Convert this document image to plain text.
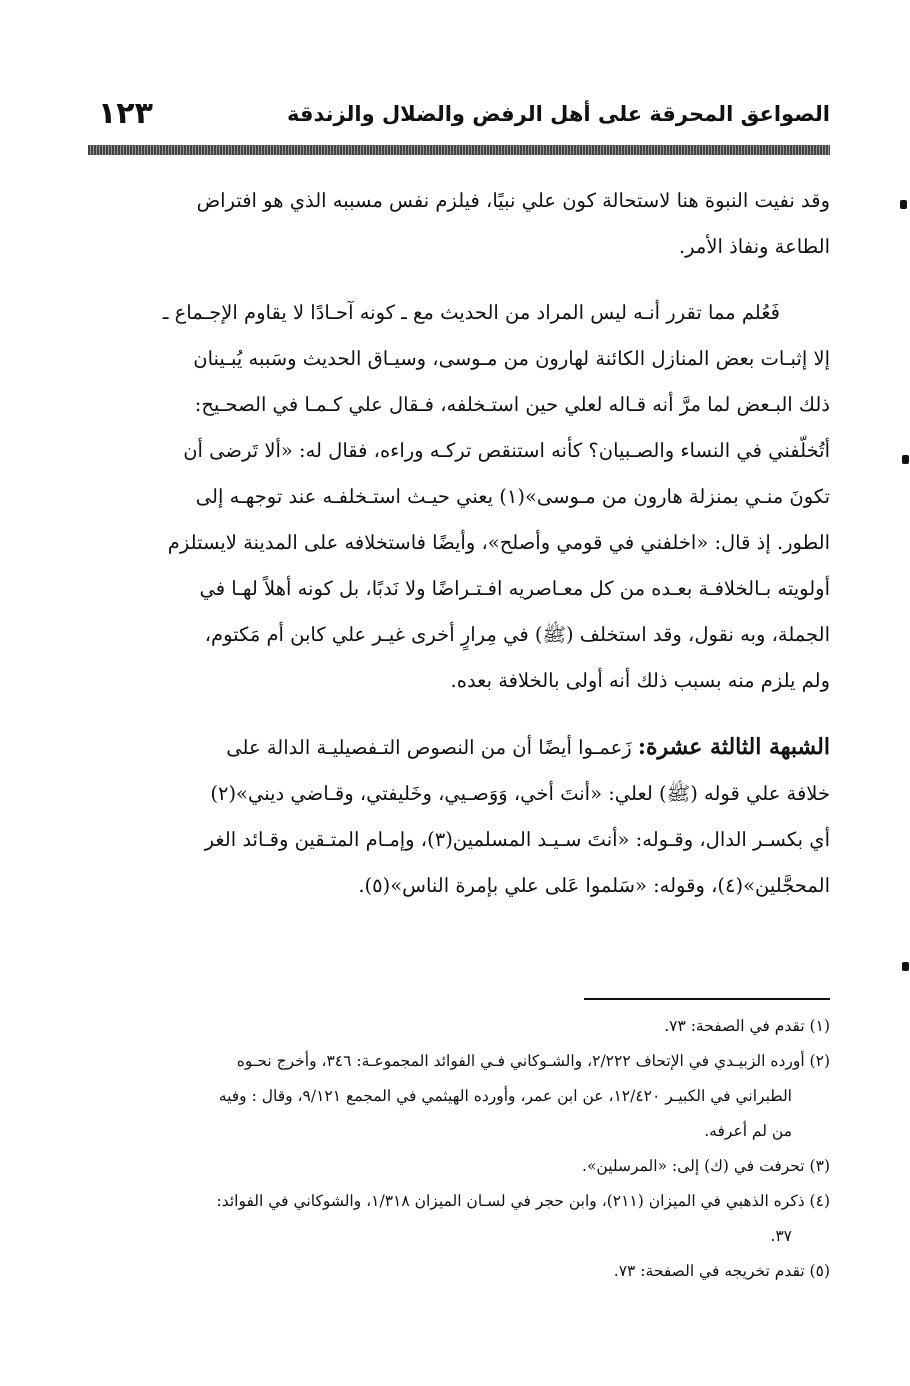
الصواعق المحرقة على أهل الرفض والضلال والزندقة
١٢٣

وقد نفيت النبوة هنا لاستحالة كون علي نبيًا، فيلزم نفس مسببه الذي هو افتراض

الطاعة ونفاذ الأمر.

فَعُلم مما تقرر أنـه ليس المراد من الحديث مع ـ كونه آحـادًا لا يقاوم الإجـماع ـ

إلا إثبـات بعض المنازل الكائنة لهارون من مـوسى، وسيـاق الحديث وسَببه يُبـينان

ذلك البـعض لما مرَّ أنه قـاله لعلي حين استـخلفه، فـقال علي كـمـا في الصحـيح:

أتُخلّفني في النساء والصـبيان؟ كأنه استنقص تركـه وراءه، فقال له: «ألا تَرضى أن

تكونَ منـي بمنزلة هارون من مـوسى»(١) يعني حيـث استـخلفـه عند توجهـه إلى

الطور. إذ قال: «اخلفني في قومي وأصلح»، وأيضًا فاستخلافه على المدينة لايستلزم

أولويته بـالخلافـة بعـده من كل معـاصريه افـتـراضًا ولا نَدبًا، بل كونه أهلاً لهـا في

الجملة، وبه نقول، وقد استخلف (ﷺ) في مِرارٍ أخرى غيـر علي كابن أم مَكتوم،

ولم يلزم منه بسبب ذلك أنه أولى بالخلافة بعده.

الشبهة الثالثة عشرة: زَعمـوا أيضًا أن من النصوص التـفصيليـة الدالة على

خلافة علي قوله (ﷺ) لعلي: «أنتَ أخي، وَوَصـيي، وخَليفتي، وقـاضي ديني»(٢)

أي بكسـر الدال، وقـوله: «أنتَ سـيـد المسلمين(٣)، وإمـام المتـقين وقـائد الغر

المحجَّلين»(٤)، وقوله: «سَلموا عَلى علي بإمرة الناس»(٥).

(١) تقدم في الصفحة: ٧٣.

(٢) أورده الزبيـدي في الإتحاف ٢/٢٢٢، والشـوكاني فـي الفوائد المجموعـة: ٣٤٦، وأخرج نحـوه

الطبراني في الكبيـر ١٢/٤٢٠، عن ابن عمر، وأورده الهيثمي في المجمع ٩/١٢١، وقال : وفيه

من لم أعرفه.

(٣) تحرفت في (ك) إلى: «المرسلين».

(٤) ذكره الذهبي في الميزان (٢١١)، وابن حجر في لسـان الميزان ١/٣١٨، والشوكاني في الفوائد:

٣٧.

(٥) تقدم تخريجه في الصفحة: ٧٣.
